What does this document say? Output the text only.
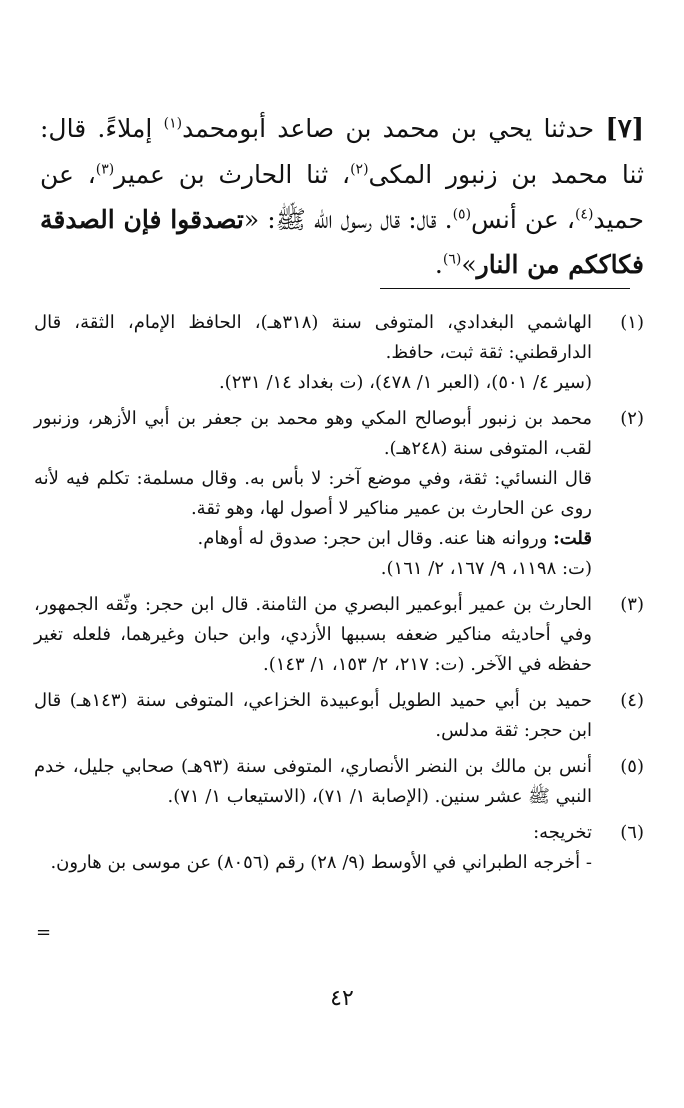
[٧] حدثنا يحي بن محمد بن صاعد أبومحمد$^{(١)}$ إملاءً. قال: ثنا محمد بن زنبور المكى$^{(٢)}$، ثنا الحارث بن عمير$^{(٣)}$، عن حميد$^{(٤)}$، عن أنس$^{(٥)}$. قال: قال رسول الله ﷺ: «تصدقوا فإن الصدقة فكاككم من النار»$^{(٦)}$.
(١)

الهاشمي البغدادي، المتوفى سنة (٣١٨هـ)، الحافظ الإمام، الثقة، قال الدارقطني: ثقة ثبت، حافظ.

(سير ٤/ ٥٠١)، (العبر ١/ ٤٧٨)، (ت بغداد ١٤/ ٢٣١).

(٢)

محمد بن زنبور أبوصالح المكي وهو محمد بن جعفر بن أبي الأزهر، وزنبور لقب، المتوفى سنة (٢٤٨هـ).

قال النسائي: ثقة، وفي موضع آخر: لا بأس به. وقال مسلمة: تكلم فيه لأنه روى عن الحارث بن عمير مناكير لا أصول لها، وهو ثقة.

قلت: وروانه هنا عنه. وقال ابن حجر: صدوق له أوهام.

(ت: ١١٩٨، ٩/ ١٦٧، ٢/ ١٦١).

(٣)

الحارث بن عمير أبوعمير البصري من الثامنة. قال ابن حجر: وثّقه الجمهور، وفي أحاديثه مناكير ضعفه بسببها الأزدي، وابن حبان وغيرهما، فلعله تغير حفظه في الآخر. (ت: ٢١٧، ٢/ ١٥٣، ١/ ١٤٣).

(٤)

حميد بن أبي حميد الطويل أبوعبيدة الخزاعي، المتوفى سنة (١٤٣هـ) قال ابن حجر: ثقة مدلس.

(٥)

أنس بن مالك بن النضر الأنصاري، المتوفى سنة (٩٣هـ) صحابي جليل، خدم النبي ﷺ عشر سنين. (الإصابة ١/ ٧١)، (الاستيعاب ١/ ٧١).

(٦)

تخريجه:

- أخرجه الطبراني في الأوسط (٩/ ٢٨) رقم (٨٠٥٦) عن موسى بن هارون.

=
٤٢
